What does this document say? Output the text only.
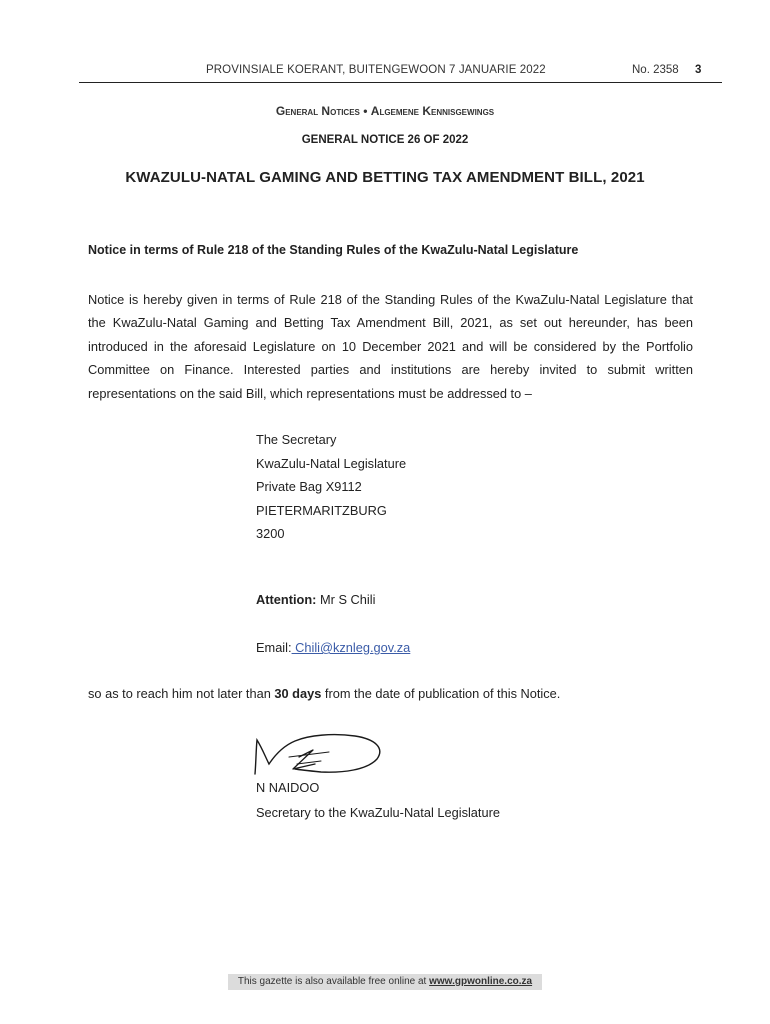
PROVINSIALE KOERANT, BUITENGEWOON 7 JANUARIE 2022	No. 2358 3
General Notices • Algemene Kennisgewings
GENERAL NOTICE 26 OF 2022
KWAZULU-NATAL GAMING AND BETTING TAX AMENDMENT BILL, 2021
Notice in terms of Rule 218 of the Standing Rules of the KwaZulu-Natal Legislature
Notice is hereby given in terms of Rule 218 of the Standing Rules of the KwaZulu-Natal Legislature that the KwaZulu-Natal Gaming and Betting Tax Amendment Bill, 2021, as set out hereunder, has been introduced in the aforesaid Legislature on 10 December 2021 and will be considered by the Portfolio Committee on Finance. Interested parties and institutions are hereby invited to submit written representations on the said Bill, which representations must be addressed to –
The Secretary
KwaZulu-Natal Legislature
Private Bag X9112
PIETERMARITZBURG
3200
Attention: Mr S Chili
Email: Chili@kznleg.gov.za
so as to reach him not later than 30 days from the date of publication of this Notice.
N NAIDOO
Secretary to the KwaZulu-Natal Legislature
This gazette is also available free online at www.gpwonline.co.za
